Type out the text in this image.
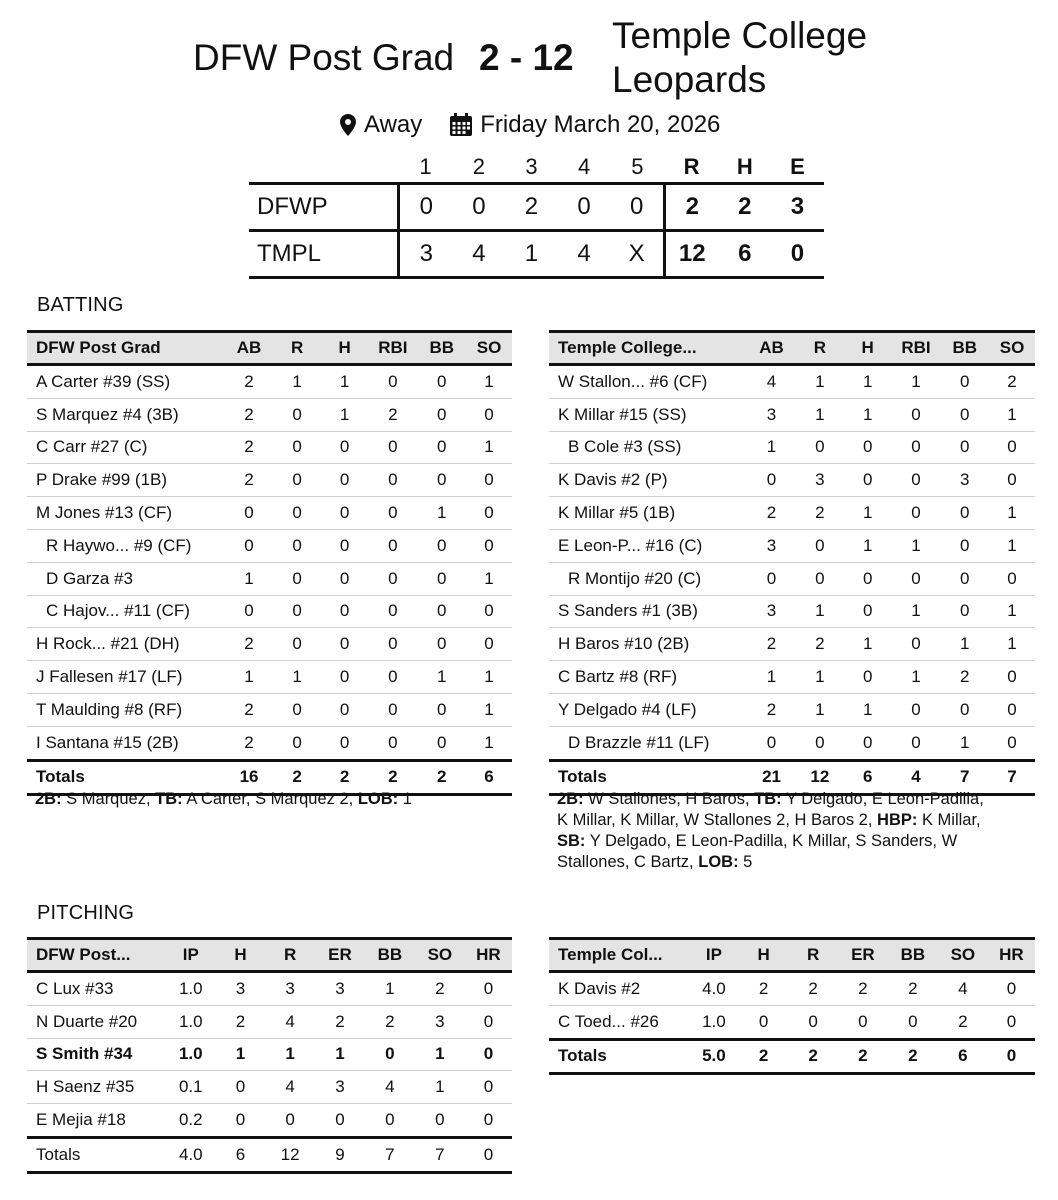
DFW Post Grad 2 - 12
Temple College
Leopards
Away Friday March 20, 2026
	1	2	3	4	5	R	H	E
DFWP	0	0	2	0	0	2	2	3
TMPL	3	4	1	4	X	12	6	0
BATTING
DFW Post Grad	AB	R	H	RBI	BB	SO
A Carter #39 (SS)	2	1	1	0	0	1
S Marquez #4 (3B)	2	0	1	2	0	0
C Carr #27 (C)	2	0	0	0	0	1
P Drake #99 (1B)	2	0	0	0	0	0
M Jones #13 (CF)	0	0	0	0	1	0
R Haywo... #9 (CF)	0	0	0	0	0	0
D Garza #3	1	0	0	0	0	1
C Hajov... #11 (CF)	0	0	0	0	0	0
H Rock... #21 (DH)	2	0	0	0	0	0
J Fallesen #17 (LF)	1	1	0	0	1	1
T Maulding #8 (RF)	2	0	0	0	0	1
I Santana #15 (2B)	2	0	0	0	0	1
Totals	16	2	2	2	2	6
Temple College...	AB	R	H	RBI	BB	SO
W Stallon... #6 (CF)	4	1	1	1	0	2
K Millar #15 (SS)	3	1	1	0	0	1
B Cole #3 (SS)	1	0	0	0	0	0
K Davis #2 (P)	0	3	0	0	3	0
K Millar #5 (1B)	2	2	1	0	0	1
E Leon-P... #16 (C)	3	0	1	1	0	1
R Montijo #20 (C)	0	0	0	0	0	0
S Sanders #1 (3B)	3	1	0	1	0	1
H Baros #10 (2B)	2	2	1	0	1	1
C Bartz #8 (RF)	1	1	0	1	2	0
Y Delgado #4 (LF)	2	1	1	0	0	0
D Brazzle #11 (LF)	0	0	0	0	1	0
Totals	21	12	6	4	7	7
2B: S Marquez, TB: A Carter, S Marquez 2, LOB: 1	2B: W Stallones, H Baros, TB: Y Delgado, E Leon-Padilla, K Millar, K Millar, W Stallones 2, H Baros 2, HBP: K Millar, SB: Y Delgado, E Leon-Padilla, K Millar, S Sanders, W Stallones, C Bartz, LOB: 5
PITCHING
DFW Post...	IP	H	R	ER	BB	SO	HR
C Lux #33	1.0	3	3	3	1	2	0
N Duarte #20	1.0	2	4	2	2	3	0
S Smith #34	1.0	1	1	1	0	1	0
H Saenz #35	0.1	0	4	3	4	1	0
E Mejia #18	0.2	0	0	0	0	0	0
Totals	4.0	6	12	9	7	7	0
Temple Col...	IP	H	R	ER	BB	SO	HR
K Davis #2	4.0	2	2	2	2	4	0
C Toed... #26	1.0	0	0	0	0	2	0
Totals	5.0	2	2	2	2	6	0
